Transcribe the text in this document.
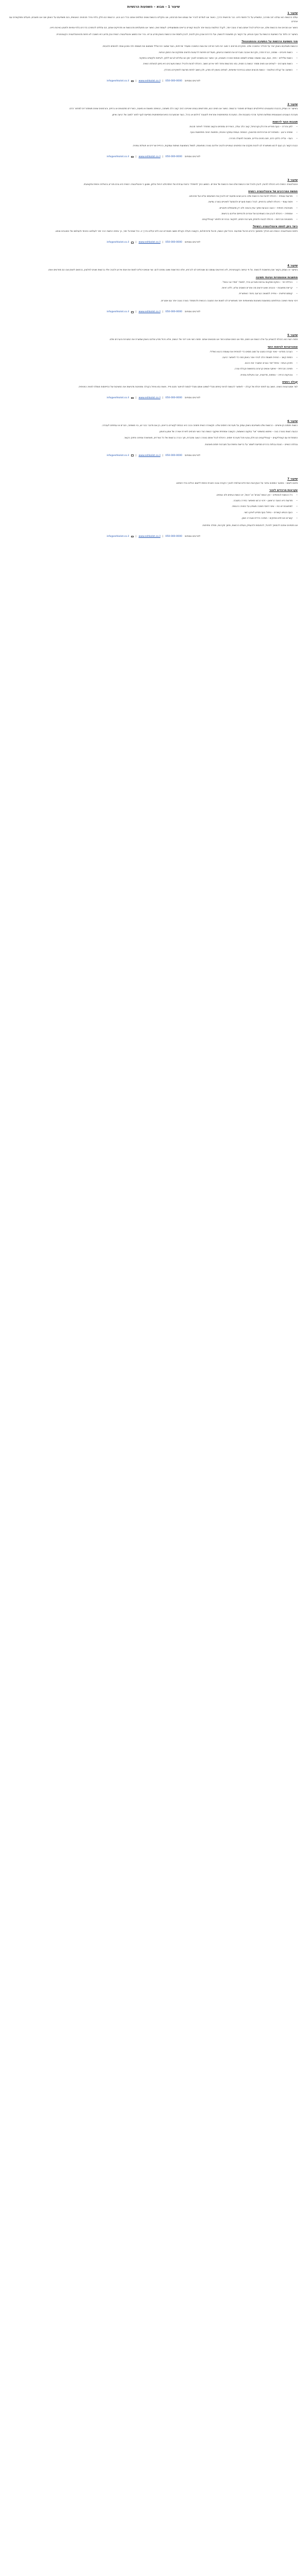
שיעור 1 – מבוא – השפעות הרגשיות
שיעור 1

עולם הרגשות הוא עולם רחב ומורכב, המשפיע על כל תחומי חיינו. כבר מראשית הדרך, כאשר אנו לומדים להכיר את עצמנו ואת סביבתנו, אנו נתקלים ברגשות שונים המלווים אותנו בכל רגע ורגע. הרגשות הם חלק בלתי נפרד מהחוויה האנושית, והם משפיעים על האופן שבו אנו חושבים, פועלים ומתקשרים עם אחרים.

כאשר אנו מבינים את הרגשות שלנו, אנו יכולים לנהל אותם בצורה טובה יותר, לקבל החלטות נבונות יותר ולבנות קשרים בריאים ומשמעותיים. לעומת זאת, כאשר אנו מתעלמים מהרגשות או מדחיקים אותם, הם עלולים להתפרץ בדרכים בלתי צפויות ולפגוע באיכות חיינו.

בשיעור זה נלמד על השפעות הרגשות על הגוף והנפש, על הקשר בין מחשבות לרגשות, ועל הדרכים שבהן ניתן לזהות, להבין ולווסת את הרגשות באופן מודע ובריא. נכיר את המושג אינטליגנציה רגשית ונבין מדוע היא חשובה לא פחות מהאינטליגנציה הקוגניטיבית.

מהי השפעת הרגשות על החשיבה וההתנהגות?

הרגשות משפיעים באופן ישיר על תהליכי החשיבה שלנו. מחקרים מראים כי מצב רוח חיובי מרחיב את טווח החשיבה ומעודד יצירתיות, בעוד שמצב רוח שלילי מצמצם את תשומת הלב ומכוון אותה לאיומים ולבעיות.

• רגשות חיוביים – שמחה, הכרת תודה, סקרנות ואהבה מגבירים את תחושת הביטחון, מעודדים פתיחות לרעיונות חדשים ומחזקים את החוסן הנפשי.
• רגשות שליליים – פחד, כעס, עצב ואשמה עשויים לשמש כאותות אזהרה חשובים, אך כאשר הם נמשכים לאורך זמן הם עלולים לגרום ללחץ, לעייפות ולקשיים בתפקוד.
• רגשות מעורבים – לעיתים אנו חווים מספר רגשות בו זמנית, כמו התרגשות ופחד לפני אירוע חשוב. היכולת לזהות ולהכיל רגשות מעורבים היא סימן לבשלות רגשית.
• השפעה על קבלת החלטות – רגשות מכוונים אותנו בבחירות יומיומיות, לעיתים באופן לא מודע, ולכן חשוב לפתח מודעות לתפקידם בתהליך.
לפרטים נוספים:
050-000-0000
|
www.eshkolot.co.il
|
info@eshkolot.co.il
שיעור 2

בשיעור זה נעמיק בהבנת המנגנונים הפיזיולוגיים העומדים מאחורי הרגשות. כאשר אנו חווים רגש, מתרחשים בגופנו שינויים רבים: קצב הלב משתנה, הנשימה מואצת או מאטה, השרירים מתכווצים או נרפים, והורמונים שונים משתחררים למחזור הדם.

מערכת העצבים האוטונומית ממלאת תפקיד מרכזי בתגובות אלו. המערכת הסימפתטית אחראית לתגובת 'הילחם או ברח', בעוד שהמערכת הפאראסימפתטית מסייעת לגוף לחזור למצב של רגיעה ואיזון.

תגובות הגוף לרגשות
• לחץ וחרדה – הגוף מפריש אדרנלין וקורטיזול, קצב הלב עולה, השרירים נמתחים והקשב מתחדד לאיתור סכנות.
• שמחה ורוגע – משתחררים אנדורפינים וסרוטונין, הנשימה נעשית עמוקה ואיטית, ותחושת רווחה מתפשטת בגוף.
• כעס – עלייה בלחץ הדם, חום בפנים ובידיים, ומוכנות לפעולה מהירה.

הבנת הקשר בין הגוף לרגש מאפשרת לנו לזהות מוקדם את הסימנים הגופניים ולהגיב אליהם בצורה מותאמת, למשל באמצעות נשימות עמוקות, הרפיית שרירים או פעילות גופנית.

לפרטים נוספים:
050-000-0000
|
www.eshkolot.co.il
|
info@eshkolot.co.il
שיעור 3

אינטליגנציה רגשית היא היכולת לזהות, להבין ולנהל את הרגשות שלנו ואת הרגשות של אחרים. המושג הפך לפופולרי בזכות עבודתו של הפסיכולוג דניאל גולמן, שטען כי אינטליגנציה רגשית היא גורם מכריע בהצלחה אישית ומקצועית.

חמשת המרכיבים של אינטליגנציה רגשית
• מודעות עצמית – היכולת לזהות את הרגשות שלנו ברגע שהם מתעוררים ולהבין את השפעתם עלינו ועל סביבתנו.
• ויסות עצמי – היכולת לשלוט בדחפים, לנהל רגשות סוערים ולהסתגל לשינויים בצורה גמישה.
• מוטיבציה פנימית – הנעה הנובעת מתוך עניין והנאה ולא רק מתגמולים חיצוניים.
• אמפתיה – היכולת להבין את רגשותיהם של אחרים ולהתייחס אליהם ברגישות.
• מיומנויות חברתיות – היכולת לבנות ולתחזק מערכות יחסים, לתקשר בבהירות ולפתור קונפליקטים.
כיצד ניתן לפתח אינטליגנציה רגשית?

פיתוח אינטליגנציה רגשית הוא תהליך מתמשך הדורש תרגול ומודעות. ניהול יומן רגשות, תרגול מיינדפולנס, הקשבה פעילה וקבלת משוב מאחרים הם כלים יעילים בדרך זו. ככל שנתרגל יותר, כך נפתח רגישות רבה יותר לעולמנו הפנימי ולעולמם של הסובבים אותנו.

לפרטים נוספים:
050-000-0000
|
www.eshkolot.co.il
|
info@eshkolot.co.il
שיעור 4

בשיעור זה נעסוק בקשר שבין מחשבות לרגשות. על פי הגישה הקוגניטיבית, לא האירועים עצמם הם שגורמים לנו להרגיש, אלא הפרשנות שאנו נותנים להם. שני אנשים יכולים לחוות את אותו אירוע ולהגיב אליו ברגשות שונים לחלוטין, בהתאם לאופן שבו הם מפרשים אותו.

מחשבות אוטומטיות ועיוותי חשיבה
• הכללת יתר – הסקת מסקנות גורפות מאירוע בודד, למשל: 'תמיד אני נכשל'.
• קריאת מחשבות – ההנחה שאנו יודעים מה אחרים חושבים עלינו, ללא ראיות.
• קטסטרופיזציה – ציפייה לתוצאה הגרועה ביותר האפשרית.

זיהוי עיוותי חשיבה והחלפתם במחשבות מאוזנות ומציאותיות יותר מאפשרים לנו לשנות את התגובה הרגשית ולהתמודד בצורה טובה יותר עם אתגרים.

לפרטים נוספים:
050-000-0000
|
www.eshkolot.co.il
|
info@eshkolot.co.il
שיעור 5

ויסות רגשי הוא היכולת להשפיע על אילו רגשות אנו חווים, מתי אנו חווים אותם וכיצד אנו מבטאים אותם. ויסות רגשי אינו דיכוי של רגשות, אלא ניהול מודע שלהם באופן שמשרת את המטרות והערכים שלנו.

אסטרטגיות לוויסות רגשי
• הערכה מחדש – שינוי נקודת המבט על מצב מסוים כדי להפחית את עוצמת הרגש השלילי.
• הסחת קשב – הפניית תשומת הלב לגירוי אחר באופן זמני כדי לאפשר רגיעה.
• פתרון בעיות – טיפול ישיר בגורם המעורר את הרגש.
• תמיכה חברתית – שיתוף אנשים קרובים בתחושות וקבלת עזרה.
• טכניקות הרפיה – נשימות, מדיטציה, יוגה ופעילות גופנית.
קבלה רגשית

לצד אסטרטגיות השינוי, חשוב גם לפתח יכולת של קבלה – לאפשר לרגשות להיות קיימים מבלי לשפוט אותם ומבלי לנסות להיפטר מהם מייד. גישות כמו טיפול בקבלה ומחויבות מדגישות את החשיבות של התייחסות חומלת לחוויה הפנימית.

לפרטים נוספים:
050-000-0000
|
www.eshkolot.co.il
|
info@eshkolot.co.il
שיעור 6

רגשות ויחסים בין-אישיים – הרגשות שלנו משפיעים באופן עמוק על מערכות היחסים שלנו. תקשורת רגשית פתוחה וכנה היא הבסיס לקשרים בריאים, בין אם מדובר בבני זוג, בני משפחה, חברים או עמיתים לעבודה.

הבעת רגשות בצורה בונה – שימוש במשפטי 'אני' במקום האשמות, הקשבה אמפתית ושיקוף רגשות הצד השני תורמים ליצירת אווירה של אמון וביטחון.

התמודדות עם קונפליקטים – קונפליקטים הם חלק טבעי מכל מערכת יחסים. היכולת לנהל אותם בצורה רגועה ומכבדת, תוך הכרה ברגשות של כל הצדדים, מאפשרת צמיחה וחיזוק הקשר.

גבולות רגשיים – הצבת גבולות ברורים מסייעת לשמור על בריאות נפשית ועל מערכות יחסים מאוזנות.

לפרטים נוספים:
050-000-0000
|
www.eshkolot.co.il
|
info@eshkolot.co.il
שיעור 7

סיכום ויישום – בשיעור המסכם נחזור על העקרונות המרכזיים שנלמדו לאורך הקורס ונבנה תוכנית אישית ליישום הכלים בחיי היומיום.

עקרונות מרכזיים לזכור
• כל הרגשות לגיטימיים – אין רגשות 'טובים' או 'רעים', יש רגשות נעימים ולא נעימים.
• מודעות היא הצעד הראשון – זיהוי הרגש מאפשר בחירה בתגובה.
• למחשבות יש כוח – שינוי דפוסי חשיבה משפיע על החוויה הרגשית.
• הגוף והנפש קשורים – טיפול בגוף מסייע לאיזון רגשי.
• קשרים חברתיים מחזקים – תמיכה הדדית מגבירה חוסן.

אנו מזמינים אתכם להמשיך לתרגל, להתנסות ולהעמיק בעולם הרגשות, מתוך סקרנות, חמלה ופתיחות.

לפרטים נוספים:
050-000-0000
|
www.eshkolot.co.il
|
info@eshkolot.co.il
